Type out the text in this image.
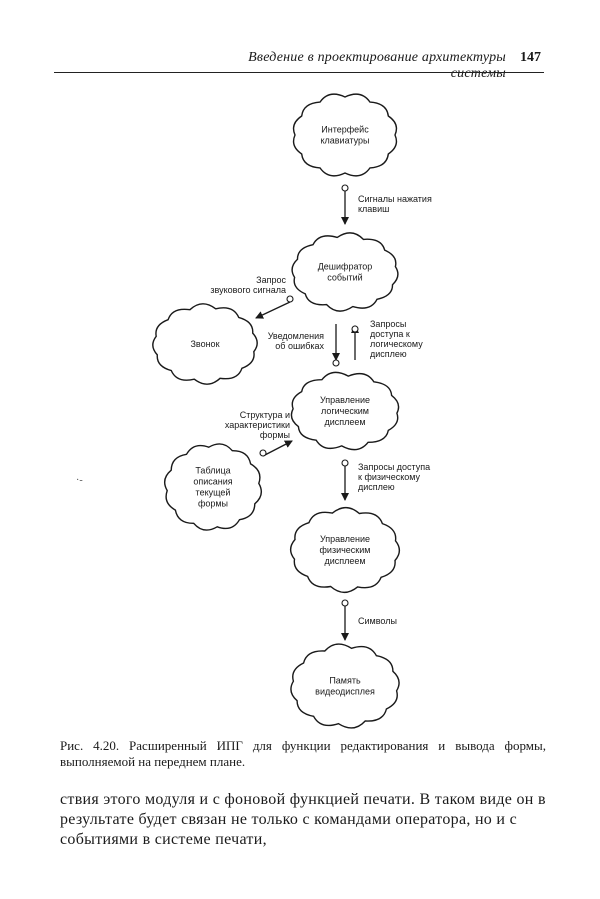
Введение в проектирование архитектуры системы
147
Интерфейс клавиатуры
Дешифратор событий
Звонок
Управление логическим дисплеем
Таблица описания текущей формы
Управление физическим дисплеем
Память видеодисплея
Сигналы нажатия клавиш
Запрос звукового сигнала
Уведомления об ошибках
Запросы доступа к логическому дисплею
Структура и характеристики формы
Запросы доступа к физическому дисплею
Символы
·-
Рис. 4.20. Расширенный ИПГ для функции редактирования и вывода формы, выполняемой на переднем плане.
ствия этого модуля и с фоновой функцией печати. В таком виде он в результате будет связан не только с командами оператора, но и с событиями в системе печати,
